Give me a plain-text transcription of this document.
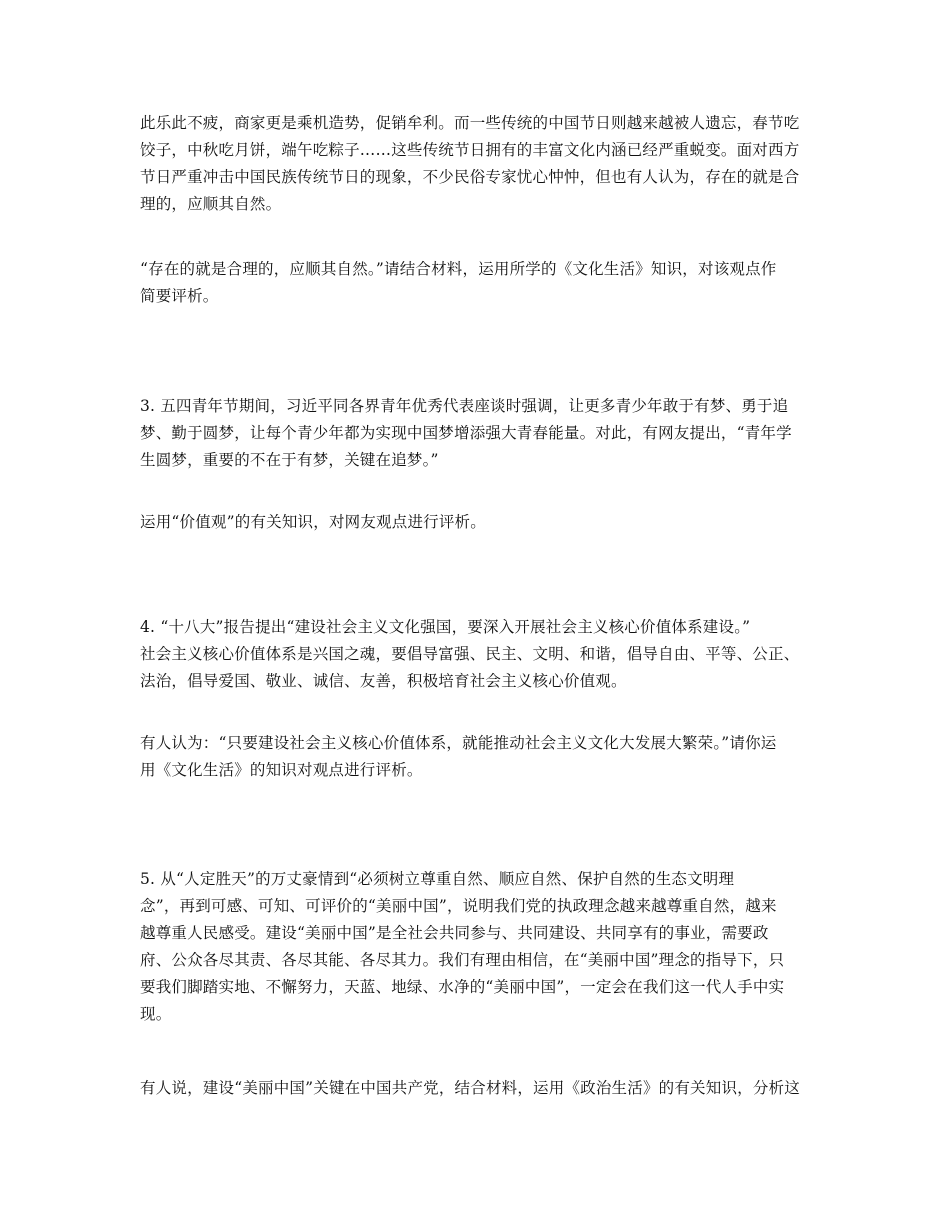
此乐此不疲，商家更是乘机造势，促销牟利。而一些传统的中国节日则越来越被人遗忘，春节吃

饺子，中秋吃月饼，端午吃粽子……这些传统节日拥有的丰富文化内涵已经严重蜕变。面对西方

节日严重冲击中国民族传统节日的现象，不少民俗专家忧心忡忡，但也有人认为，存在的就是合

理的，应顺其自然。

“存在的就是合理的，应顺其自然。”请结合材料，运用所学的《文化生活》知识，对该观点作

简要评析。

3. 五四青年节期间，习近平同各界青年优秀代表座谈时强调，让更多青少年敢于有梦、勇于追

梦、勤于圆梦，让每个青少年都为实现中国梦增添强大青春能量。对此，有网友提出，“青年学

生圆梦，重要的不在于有梦，关键在追梦。”

运用“价值观”的有关知识，对网友观点进行评析。

4. “十八大”报告提出“建设社会主义文化强国，要深入开展社会主义核心价值体系建设。”

社会主义核心价值体系是兴国之魂，要倡导富强、民主、文明、和谐，倡导自由、平等、公正、

法治，倡导爱国、敬业、诚信、友善，积极培育社会主义核心价值观。

有人认为：“只要建设社会主义核心价值体系，就能推动社会主义文化大发展大繁荣。”请你运

用《文化生活》的知识对观点进行评析。

5. 从“人定胜天”的万丈豪情到“必须树立尊重自然、顺应自然、保护自然的生态文明理

念”，再到可感、可知、可评价的“美丽中国”，说明我们党的执政理念越来越尊重自然，越来

越尊重人民感受。建设“美丽中国”是全社会共同参与、共同建设、共同享有的事业，需要政

府、公众各尽其责、各尽其能、各尽其力。我们有理由相信，在“美丽中国”理念的指导下，只

要我们脚踏实地、不懈努力，天蓝、地绿、水净的“美丽中国”，一定会在我们这一代人手中实

现。

有人说，建设“美丽中国”关键在中国共产党，结合材料，运用《政治生活》的有关知识，分析这
